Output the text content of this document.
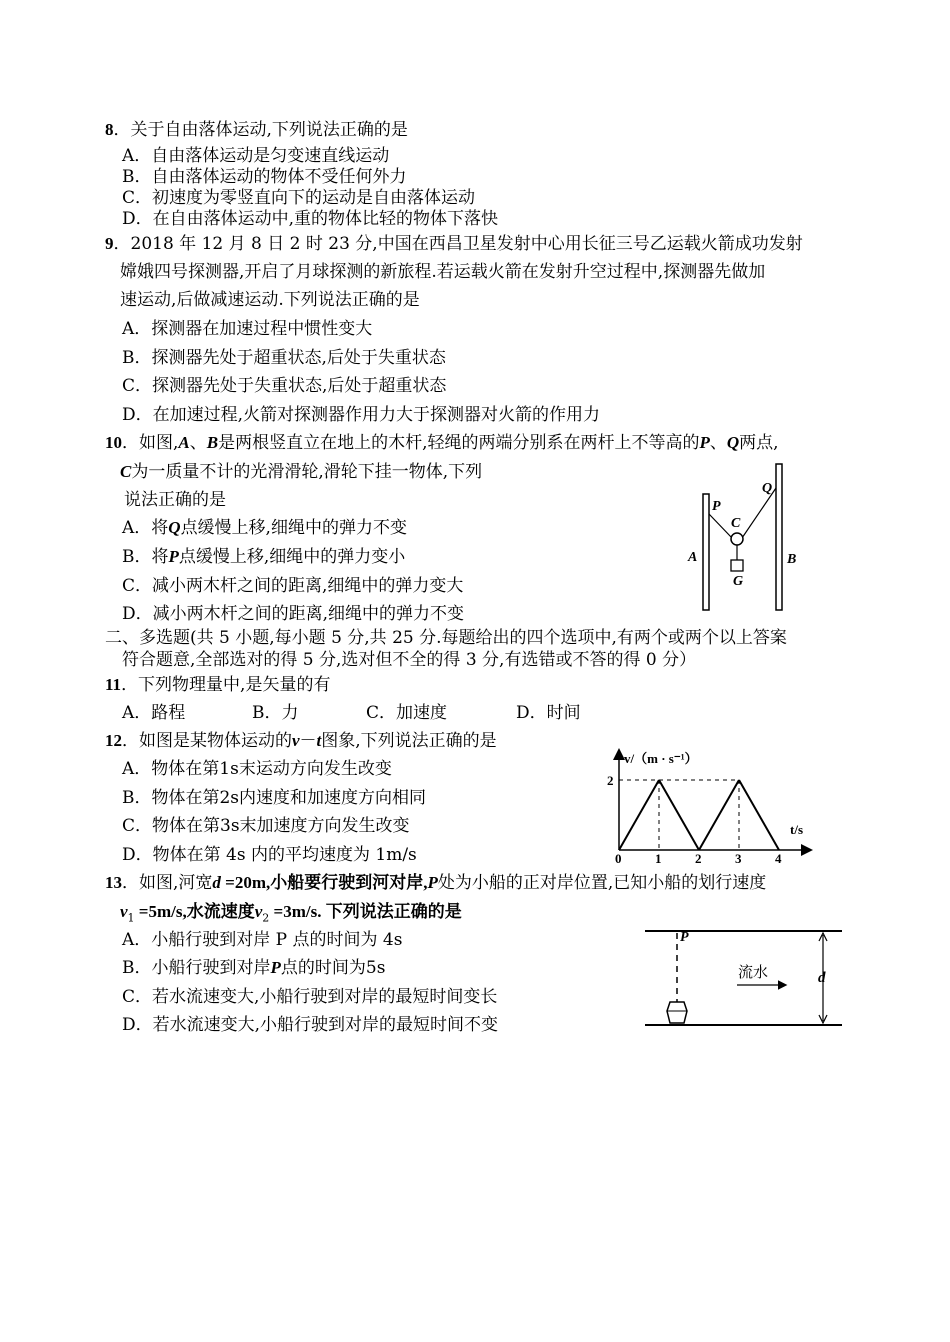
8．关于自由落体运动,下列说法正确的是
A．自由落体运动是匀变速直线运动
B．自由落体运动的物体不受任何外力
C．初速度为零竖直向下的运动是自由落体运动
D．在自由落体运动中,重的物体比轻的物体下落快
9．2018 年 12 月 8 日 2 时 23 分,中国在西昌卫星发射中心用长征三号乙运载火箭成功发射
嫦娥四号探测器,开启了月球探测的新旅程.若运载火箭在发射升空过程中,探测器先做加
速运动,后做减速运动.下列说法正确的是
A．探测器在加速过程中惯性变大
B．探测器先处于超重状态,后处于失重状态
C．探测器先处于失重状态,后处于超重状态
D．在加速过程,火箭对探测器作用力大于探测器对火箭的作用力
10．如图,A、B是两根竖直立在地上的木杆,轻绳的两端分别系在两杆上不等高的P、Q两点,
C为一质量不计的光滑滑轮,滑轮下挂一物体,下列
说法正确的是
A．将Q点缓慢上移,细绳中的弹力不变
B．将P点缓慢上移,细绳中的弹力变小
C．减小两木杆之间的距离,细绳中的弹力变大
D．减小两木杆之间的距离,细绳中的弹力不变
P
Q
C
G
A	B
二、多选题(共 5 小题,每小题 5 分,共 25 分.每题给出的四个选项中,有两个或两个以上答案
符合题意,全部选对的得 5 分,选对但不全的得 3 分,有选错或不答的得 0 分）
11．下列物理量中,是矢量的有
A．路程	B．力	C．加速度	D．时间
12．如图是某物体运动的v－t图象,下列说法正确的是
A．物体在第1s末运动方向发生改变
B．物体在第2s内速度和加速度方向相同
C．物体在第3s末加速度方向发生改变
D．物体在第 4s 内的平均速度为 1m/s
v/（m · s⁻¹）
t/s
0	1	2	3	4
2
13．如图,河宽d =20m,小船要行驶到河对岸,P处为小船的正对岸位置,已知小船的划行速度
$v_1 =5m/s$,水流速度$v_2 =3m/s$. 下列说法正确的是
A．小船行驶到对岸 P 点的时间为 4s
B．小船行驶到对岸P点的时间为5s
C．若水流速变大,小船行驶到对岸的最短时间变长
D．若水流速变大,小船行驶到对岸的最短时间不变
P
流水	d
